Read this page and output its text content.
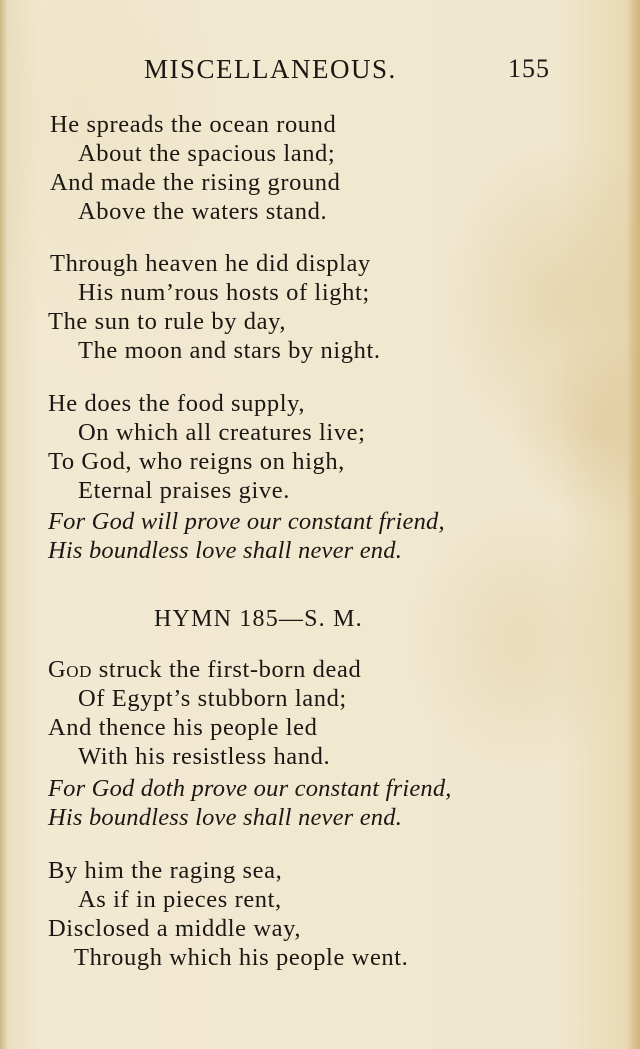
MISCELLANEOUS.	155
He spreads the ocean round
About the spacious land;
And made the rising ground
Above the waters stand.
Through heaven he did display
His num’rous hosts of light;
The sun to rule by day,
The moon and stars by night.
He does the food supply,
On which all creatures live;
To God, who reigns on high,
Eternal praises give.
For God will prove our constant friend,
His boundless love shall never end.
HYMN 185—S. M.
God struck the first-born dead
Of Egypt’s stubborn land;
And thence his people led
With his resistless hand.
For God doth prove our constant friend,
His boundless love shall never end.
By him the raging sea,
As if in pieces rent,
Disclosed a middle way,
Through which his people went.
